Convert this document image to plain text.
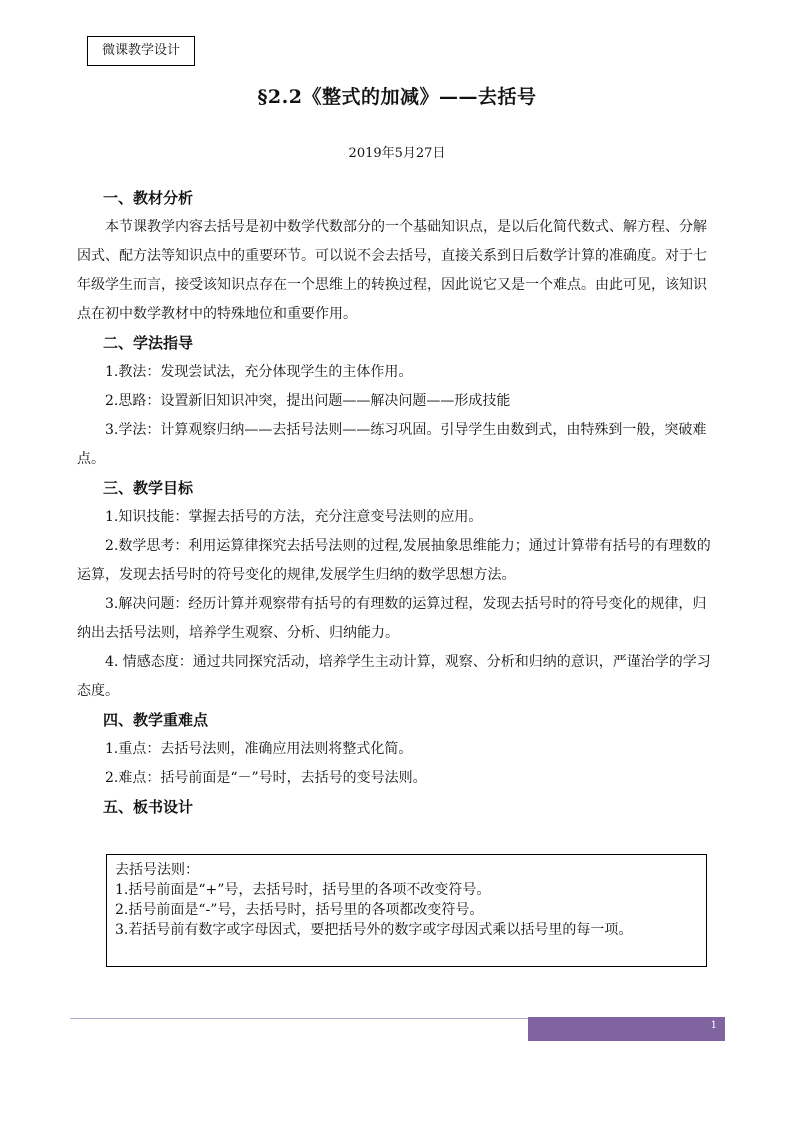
微课教学设计
§2.2《整式的加减》——去括号
2019年5月27日
一、教材分析

本节课教学内容去括号是初中数学代数部分的一个基础知识点，是以后化简代数式、解方程、分解因式、配方法等知识点中的重要环节。可以说不会去括号，直接关系到日后数学计算的准确度。对于七年级学生而言，接受该知识点存在一个思维上的转换过程，因此说它又是一个难点。由此可见，该知识点在初中数学教材中的特殊地位和重要作用。

二、学法指导

1.教法：发现尝试法，充分体现学生的主体作用。

2.思路：设置新旧知识冲突，提出问题——解决问题——形成技能

3.学法：计算观察归纳——去括号法则——练习巩固。引导学生由数到式，由特殊到一般，突破难点。

三、教学目标

1.知识技能：掌握去括号的方法，充分注意变号法则的应用。

2.数学思考：利用运算律探究去括号法则的过程,发展抽象思维能力；通过计算带有括号的有理数的运算，发现去括号时的符号变化的规律,发展学生归纳的数学思想方法。

3.解决问题：经历计算并观察带有括号的有理数的运算过程，发现去括号时的符号变化的规律，归纳出去括号法则，培养学生观察、分析、归纳能力。

4. 情感态度：通过共同探究活动，培养学生主动计算，观察、分析和归纳的意识，严谨治学的学习态度。

四、教学重难点

1.重点：去括号法则，准确应用法则将整式化简。

2.难点：括号前面是“－”号时，去括号的变号法则。

五、板书设计
去括号法则：
1.括号前面是“+”号，去括号时，括号里的各项不改变符号。
2.括号前面是“-”号，去括号时，括号里的各项都改变符号。
3.若括号前有数字或字母因式，要把括号外的数字或字母因式乘以括号里的每一项。
1
